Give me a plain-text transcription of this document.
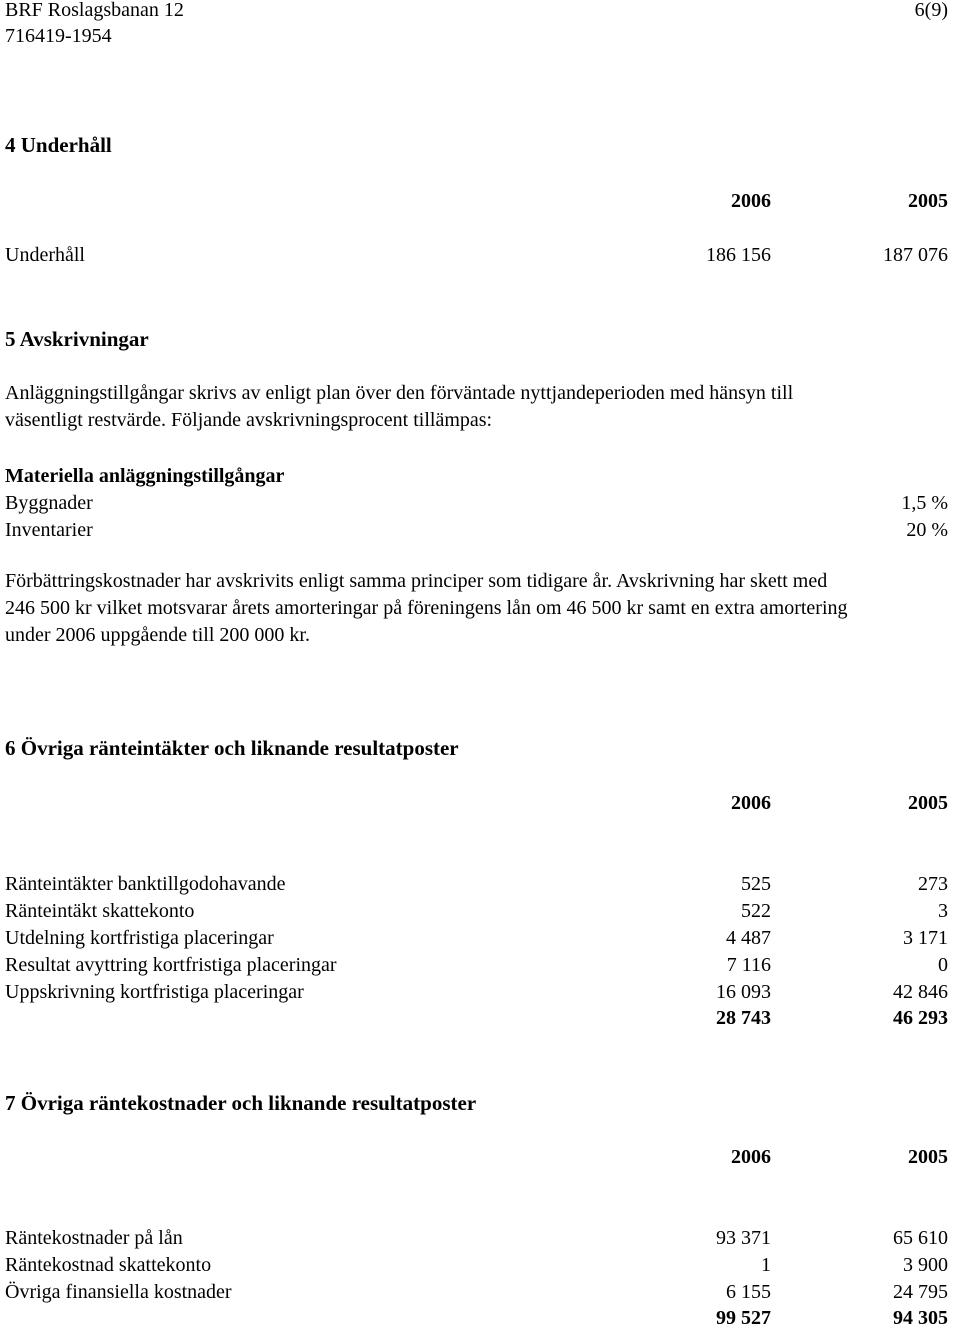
BRF Roslagsbanan 12
716419-1954
6(9)
4 Underhåll
2006	2005
Underhåll	186 156	187 076
5 Avskrivningar
Anläggningstillgångar skrivs av enligt plan över den förväntade nyttjandeperioden med hänsyn till
väsentligt restvärde. Följande avskrivningsprocent tillämpas:
Materiella anläggningstillgångar
Byggnader	1,5 %
Inventarier	20 %
Förbättringskostnader har avskrivits enligt samma principer som tidigare år. Avskrivning har skett med
246 500 kr vilket motsvarar årets amorteringar på föreningens lån om 46 500 kr samt en extra amortering
under 2006 uppgående till 200 000 kr.
6 Övriga ränteintäkter och liknande resultatposter
2006	2005
Ränteintäkter banktillgodohavande	525	273
Ränteintäkt skattekonto	522	3
Utdelning kortfristiga placeringar	4 487	3 171
Resultat avyttring kortfristiga placeringar	7 116	0
Uppskrivning kortfristiga placeringar	16 093	42 846
28 743	46 293
7 Övriga räntekostnader och liknande resultatposter
2006	2005
Räntekostnader på lån	93 371	65 610
Räntekostnad skattekonto	1	3 900
Övriga finansiella kostnader	6 155	24 795
99 527	94 305
